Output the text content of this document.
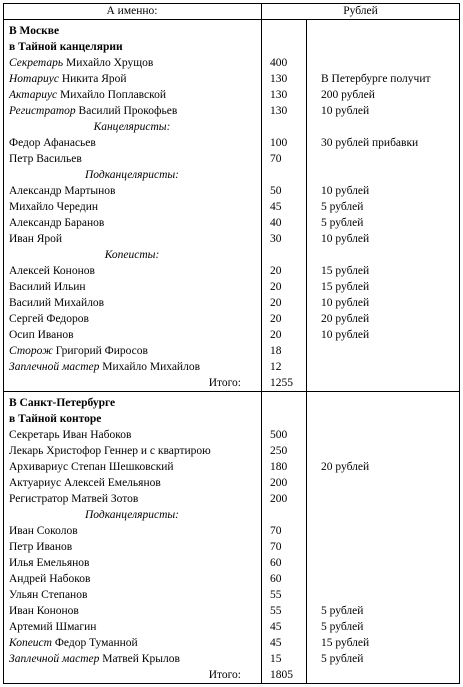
А именно:	Рублей
В Москве
в Тайной канцелярии
Секретарь Михайло Хрущов	400
Нотариус Никита Ярой	130	В Петербурге получит
Актариус Михайло Поплавской	130	200 рублей
Регистратор Василий Прокофьев	130	10 рублей
Канцеляристы:
Федор Афанасьев	100	30 рублей прибавки
Петр Васильев	70
Подканцеляристы:
Александр Мартынов	50	10 рублей
Михайло Чередин	45	5 рублей
Александр Баранов	40	5 рублей
Иван Ярой	30	10 рублей
Копеисты:
Алексей Кононов	20	15 рублей
Василий Ильин	20	15 рублей
Василий Михайлов	20	10 рублей
Сергей Федоров	20	20 рублей
Осип Иванов	20	10 рублей
Сторож Григорий Фиросов	18
Заплечной мастер Михайло Михайлов	12
Итого:	1255
В Санкт-Петербурге
в Тайной конторе
Секретарь Иван Набоков	500
Лекарь Христофор Геннер и с квартирою	250
Архивариус Степан Шешковский	180	20 рублей
Актуариус Алексей Емельянов	200
Регистратор Матвей Зотов	200
Подканцеляристы:
Иван Соколов	70
Петр Иванов	70
Илья Емельянов	60
Андрей Набоков	60
Ульян Степанов	55
Иван Кононов	55	5 рублей
Артемий Шмагин	45	5 рублей
Копеист Федор Туманной	45	15 рублей
Заплечной мастер Матвей Крылов	15	5 рублей
Итого:	1805
